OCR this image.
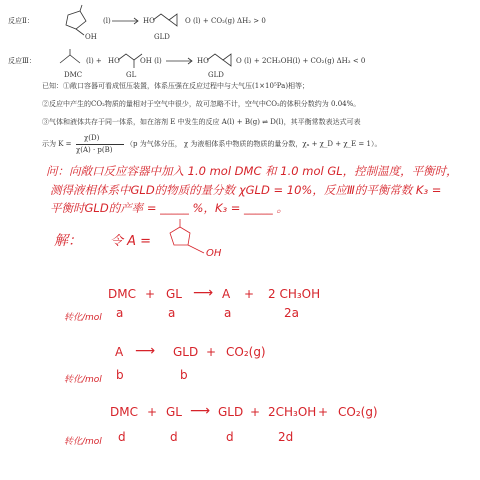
反应Ⅱ：
OH
(l) → HO	O (l) + CO₂(g) ΔH₂ > 0
GLD
反应Ⅲ：	(l) +
DMC
HO	OH (l)
GL
→ HO	O (l) + 2CH₃OH(l) + CO₂(g) ΔH₃ < 0
GLD
已知：①敞口容器可看成恒压装置，体系压强在反应过程中与大气压(1×10⁵Pa)相等；
②反应中产生的CO₂物质的量相对于空气中很少，故可忽略不计，空气中CO₂的体积分数约为 0.04%。
③气体和液体共存于同一体系，如在溶剂 E 中发生的反应 A(l) + B(g) ⇌ D(l)，其平衡常数表达式可表
示为 K =
χ(D)
χ(A) · p(B)
（p 为气体分压， χ 为液相体系中物质的物质的量分数，χₐ + χ_D + χ_E = 1）。
问：向敞口反应容器中加入 1.0 mol DMC 和 1.0 mol GL，控制温度，平衡时，
测得液相体系中GLD的物质的量分数 χGLD = 10%，反应Ⅲ的平衡常数 K₃ =
平衡时GLD的产率 = _____ %，K₃ = _____ 。
解： 令 A =
OH
DMC + GL ⟶ A + 2 CH₃OH
转化/mol a	a	a	2a
A ⟶ GLD + CO₂(g)
转化/mol b	b
DMC + GL ⟶ GLD + 2CH₃OH + CO₂(g)
转化/mol d	d	d	2d
